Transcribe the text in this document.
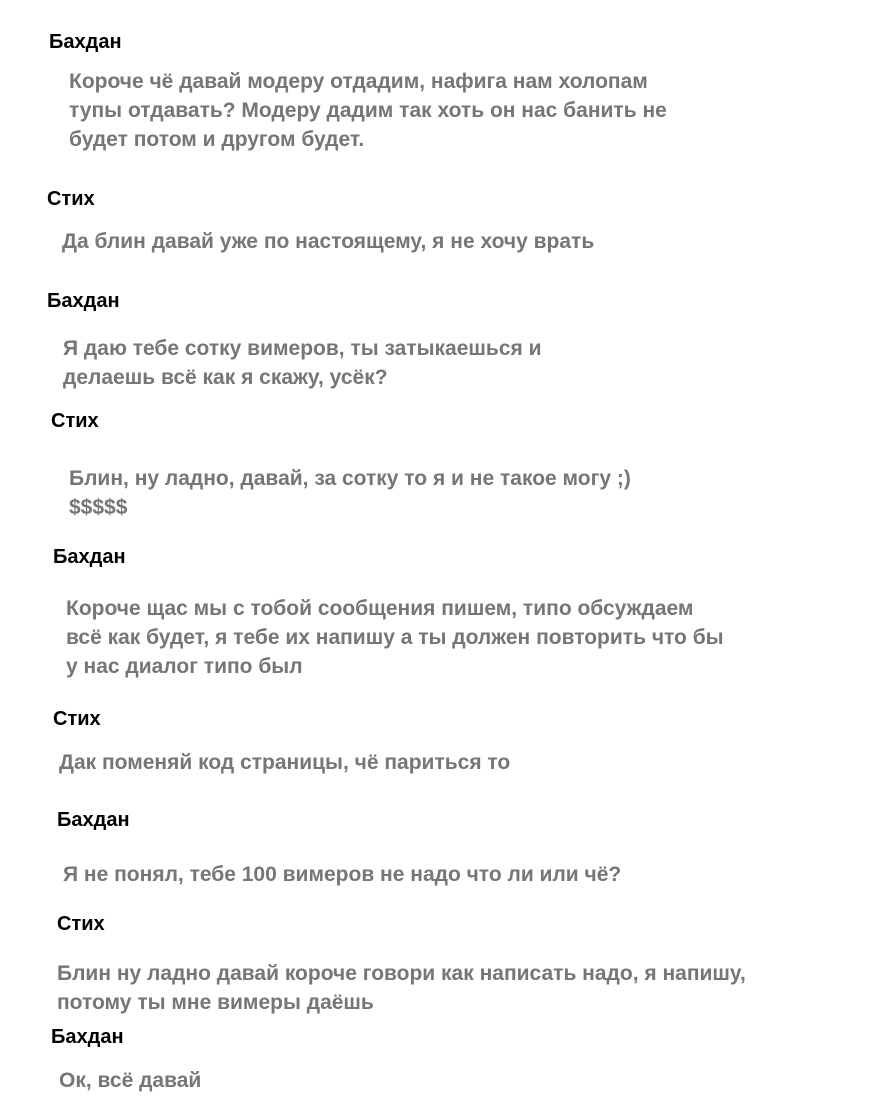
Бахдан
Короче чё давай модеру отдадим, нафига нам холопам
тупы отдавать? Модеру дадим так хоть он нас банить не
будет потом и другом будет.
Стих
Да блин давай уже по настоящему, я не хочу врать
Бахдан
Я даю тебе сотку вимеров, ты затыкаешься и
делаешь всё как я скажу, усёк?
Стих
Блин, ну ладно, давай, за сотку то я и не такое могу ;)
$$$$$
Бахдан
Короче щас мы с тобой сообщения пишем, типо обсуждаем
всё как будет, я тебе их напишу а ты должен повторить что бы
у нас диалог типо был
Стих
Дак поменяй код страницы, чё париться то
Бахдан
Я не понял, тебе 100 вимеров не надо что ли или чё?
Стих
Блин ну ладно давай короче говори как написать надо, я напишу,
потому ты мне вимеры даёшь
Бахдан
Ок, всё давай
